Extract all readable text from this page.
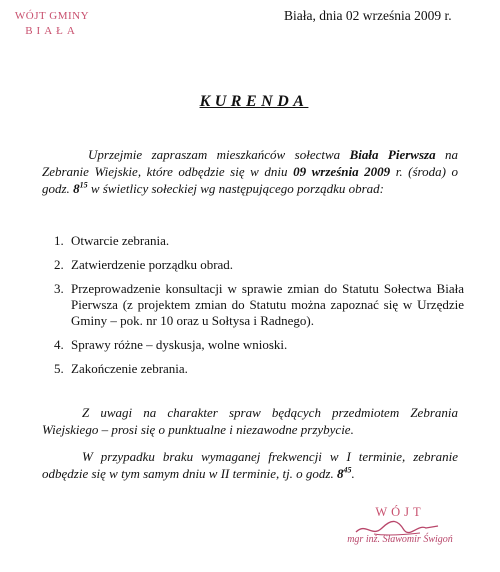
WÓJT GMINY
BIAŁA
Biała, dnia 02 września 2009 r.
KURENDA

Uprzejmie zapraszam mieszkańców sołectwa Biała Pierwsza na Zebranie Wiejskie, które odbędzie się w dniu 09 września 2009 r. (środa) o godz. $8^{15}$ w świetlicy sołeckiej wg następującego porządku obrad:

1. Otwarcie zebrania.
2. Zatwierdzenie porządku obrad.
3. Przeprowadzenie konsultacji w sprawie zmian do Statutu Sołectwa Biała Pierwsza (z projektem zmian do Statutu można zapoznać się w Urzędzie Gminy – pok. nr 10 oraz u Sołtysa i Radnego).
4. Sprawy różne – dyskusja, wolne wnioski.
5. Zakończenie zebrania.

Z uwagi na charakter spraw będących przedmiotem Zebrania Wiejskiego – prosi się o punktualne i niezawodne przybycie.

W przypadku braku wymaganej frekwencji w I terminie, zebranie odbędzie się w tym samym dniu w II terminie, tj. o godz. $8^{45}$.

WÓJT
mgr inż. Sławomir Świgoń
